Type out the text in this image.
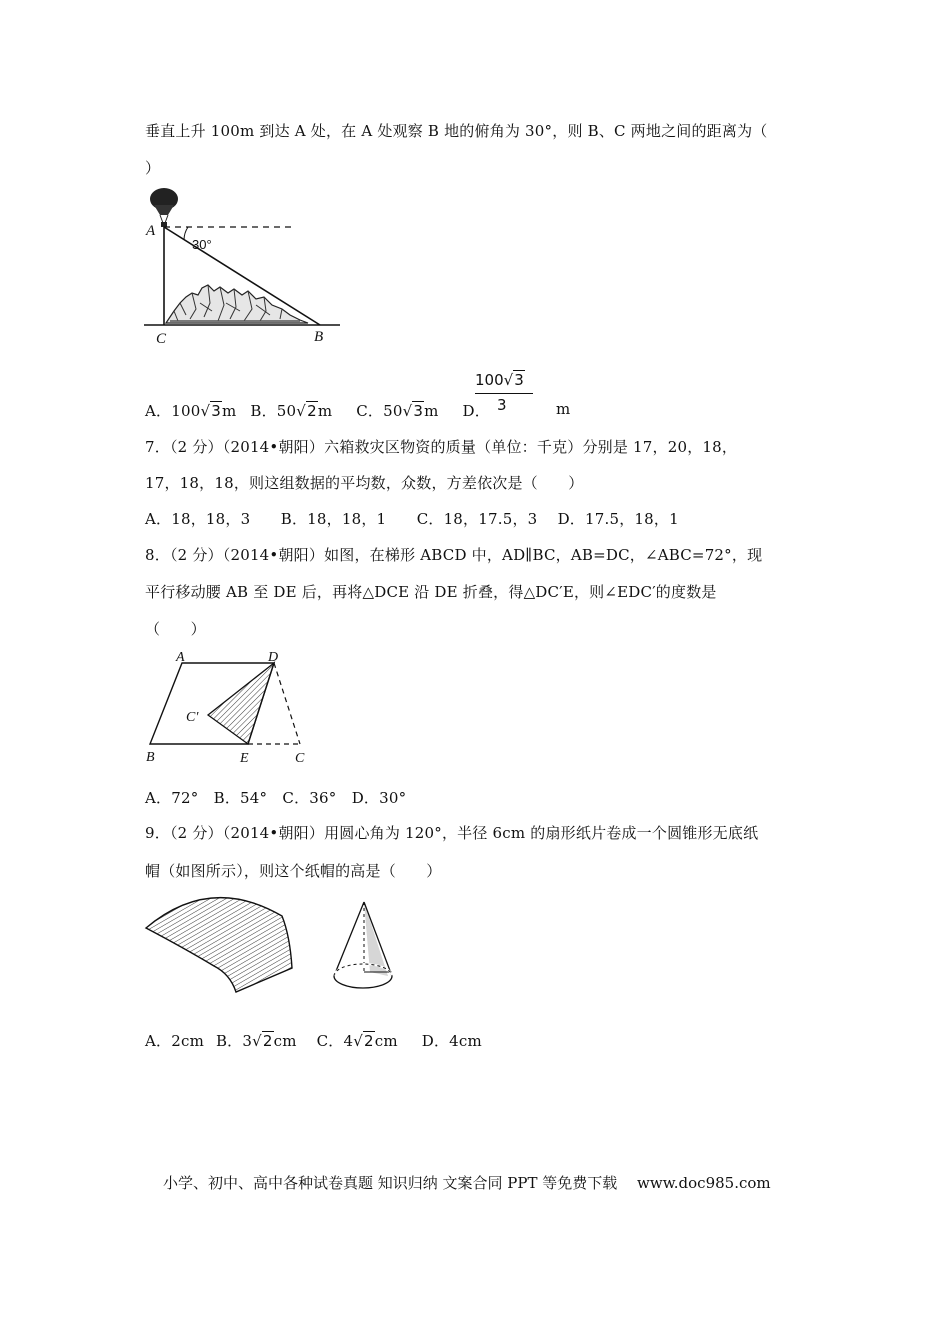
垂直上升 100m 到达 A 处，在 A 处观察 B 地的俯角为 30°，则 B、C 两地之间的距离为（
）
A
30°
C	B
A．100√3m B．50√2m C．50√3m D．
100√3
3	m
7．（2 分）（2014•朝阳）六箱救灾区物资的质量（单位：千克）分别是 17，20，18，
17，18，18，则这组数据的平均数，众数，方差依次是（　　）
A．18，18，3　　B．18，18，1　　C．18，17.5，3　 D．17.5，18，1
8．（2 分）（2014•朝阳）如图，在梯形 ABCD 中，AD∥BC，AB=DC，∠ABC=72°，现
平行移动腰 AB 至 DE 后，再将△DCE 沿 DE 折叠，得△DC′E，则∠EDC′的度数是
（　　）
A	D
C′
B	E	C
A．72°　B．54°　C．36°　D．30°
9．（2 分）（2014•朝阳）用圆心角为 120°，半径 6cm 的扇形纸片卷成一个圆锥形无底纸
帽（如图所示），则这个纸帽的高是（　　）
A．2cm B．3√2cm C．4√2cm D．4cm
小学、初中、高中各种试卷真题 知识归纳 文案合同 PPT 等免费下载　 www.doc985.com
